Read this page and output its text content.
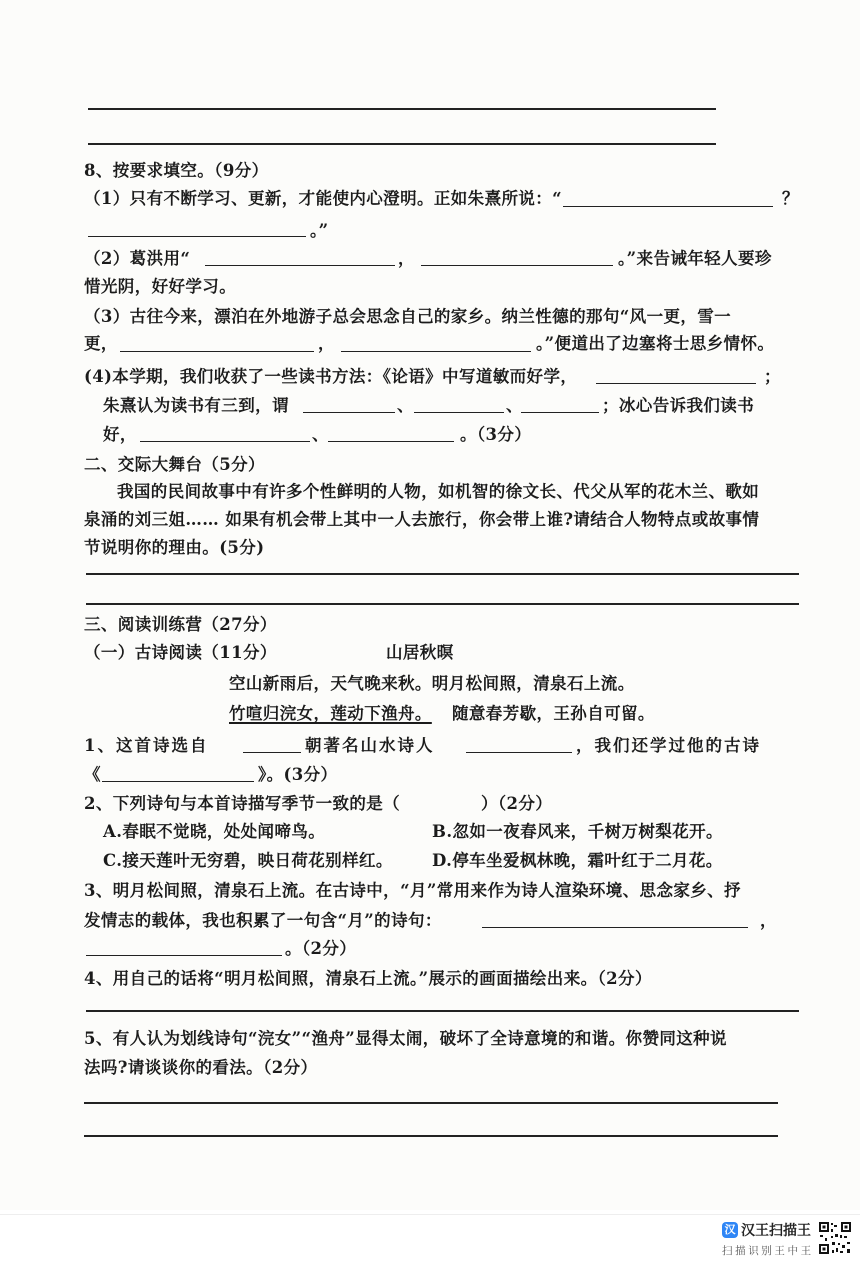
8、按要求填空。（9分）
（1）只有不断学习、更新，才能使内心澄明。正如朱熹所说：“	？
。”
（2）葛洪用“	，	。”来告诫年轻人要珍
惜光阴，好好学习。
（3）古往今来，漂泊在外地游子总会思念自己的家乡。纳兰性德的那句“风一更，雪一
更，	，	。”便道出了边塞将士思乡情怀。
(4)本学期，我们收获了一些读书方法：《论语》中写道敏而好学，	；
朱熹认为读书有三到，谓	、	、	；冰心告诉我们读书
好，	、	。（3分）
二、交际大舞台（5分）
我国的民间故事中有许多个性鲜明的人物，如机智的徐文长、代父从军的花木兰、歌如
泉涌的刘三姐…… 如果有机会带上其中一人去旅行，你会带上谁?请结合人物特点或故事情
节说明你的理由。(5分)
三、阅读训练营（27分）
（一）古诗阅读（11分）	山居秋暝
空山新雨后，天气晚来秋。明月松间照，清泉石上流。
竹喧归浣女，莲动下渔舟。 随意春芳歇，王孙自可留。
1、这首诗选自	朝著名山水诗人	，我们还学过他的古诗
《	》。(3分）
2、下列诗句与本首诗描写季节一致的是（	）（2分）
A.春眠不觉晓，处处闻啼鸟。	B.忽如一夜春风来，千树万树梨花开。
C.接天莲叶无穷碧，映日荷花别样红。 D.停车坐爱枫林晚，霜叶红于二月花。
3、明月松间照，清泉石上流。在古诗中，“月”常用来作为诗人渲染环境、思念家乡、抒
发情志的载体，我也积累了一句含“月”的诗句：	，
。（2分）
4、用自己的话将“明月松间照，清泉石上流。”展示的画面描绘出来。（2分）
5、有人认为划线诗句“浣女”“渔舟”显得太闹，破坏了全诗意境的和谐。你赞同这种说
法吗?请谈谈你的看法。（2分）
汉 汉王扫描王
扫描识别王中王
